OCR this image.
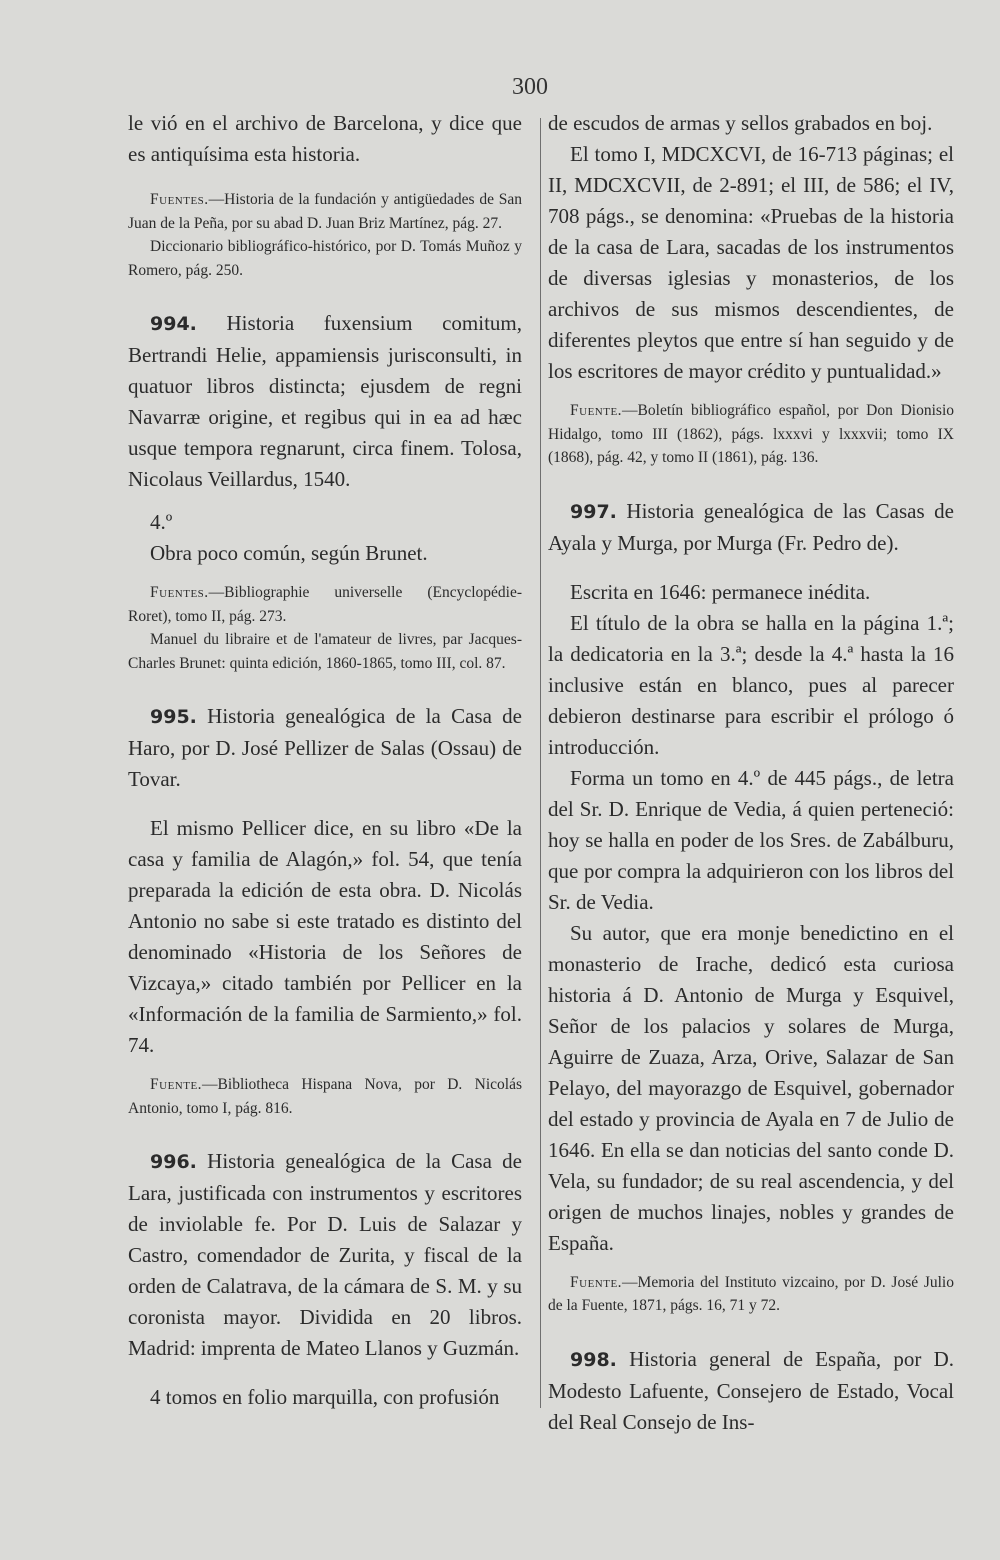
300

le vió en el archivo de Barcelona, y dice que es antiquísima esta historia.

Fuentes.—Historia de la fundación y antigüedades de San Juan de la Peña, por su abad D. Juan Briz Martínez, pág. 27.

Diccionario bibliográfico-histórico, por D. Tomás Muñoz y Romero, pág. 250.

994. Historia fuxensium comitum, Bertrandi Helie, appamiensis jurisconsulti, in quatuor libros distincta; ejusdem de regni Navarræ origine, et regibus qui in ea ad hæc usque tempora regnarunt, circa finem. Tolosa, Nicolaus Veillardus, 1540.

4.º

Obra poco común, según Brunet.

Fuentes.—Bibliographie universelle (Encyclopédie-Roret), tomo II, pág. 273.

Manuel du libraire et de l'amateur de livres, par Jacques-Charles Brunet: quinta edición, 1860-1865, tomo III, col. 87.

995. Historia genealógica de la Casa de Haro, por D. José Pellizer de Salas (Ossau) de Tovar.

El mismo Pellicer dice, en su libro «De la casa y familia de Alagón,» fol. 54, que tenía preparada la edición de esta obra. D. Nicolás Antonio no sabe si este tratado es distinto del denominado «Historia de los Señores de Vizcaya,» citado también por Pellicer en la «Información de la familia de Sarmiento,» fol. 74.

Fuente.—Bibliotheca Hispana Nova, por D. Nicolás Antonio, tomo I, pág. 816.

996. Historia genealógica de la Casa de Lara, justificada con instrumentos y escritores de inviolable fe. Por D. Luis de Salazar y Castro, comendador de Zurita, y fiscal de la orden de Calatrava, de la cámara de S. M. y su coronista mayor. Dividida en 20 libros. Madrid: imprenta de Mateo Llanos y Guzmán.

4 tomos en folio marquilla, con profusión

de escudos de armas y sellos grabados en boj.

El tomo I, MDCXCVI, de 16-713 páginas; el II, MDCXCVII, de 2-891; el III, de 586; el IV, 708 págs., se denomina: «Pruebas de la historia de la casa de Lara, sacadas de los instrumentos de diversas iglesias y monasterios, de los archivos de sus mismos descendientes, de diferentes pleytos que entre sí han seguido y de los escritores de mayor crédito y puntualidad.»

Fuente.—Boletín bibliográfico español, por Don Dionisio Hidalgo, tomo III (1862), págs. lxxxvi y lxxxvii; tomo IX (1868), pág. 42, y tomo II (1861), pág. 136.

997. Historia genealógica de las Casas de Ayala y Murga, por Murga (Fr. Pedro de).

Escrita en 1646: permanece inédita.

El título de la obra se halla en la página 1.ª; la dedicatoria en la 3.ª; desde la 4.ª hasta la 16 inclusive están en blanco, pues al parecer debieron destinarse para escribir el prólogo ó introducción.

Forma un tomo en 4.º de 445 págs., de letra del Sr. D. Enrique de Vedia, á quien perteneció: hoy se halla en poder de los Sres. de Zabálburu, que por compra la adquirieron con los libros del Sr. de Vedia.

Su autor, que era monje benedictino en el monasterio de Irache, dedicó esta curiosa historia á D. Antonio de Murga y Esquivel, Señor de los palacios y solares de Murga, Aguirre de Zuaza, Arza, Orive, Salazar de San Pelayo, del mayorazgo de Esquivel, gobernador del estado y provincia de Ayala en 7 de Julio de 1646. En ella se dan noticias del santo conde D. Vela, su fundador; de su real ascendencia, y del origen de muchos linajes, nobles y grandes de España.

Fuente.—Memoria del Instituto vizcaino, por D. José Julio de la Fuente, 1871, págs. 16, 71 y 72.

998. Historia general de España, por D. Modesto Lafuente, Consejero de Estado, Vocal del Real Consejo de Ins-
